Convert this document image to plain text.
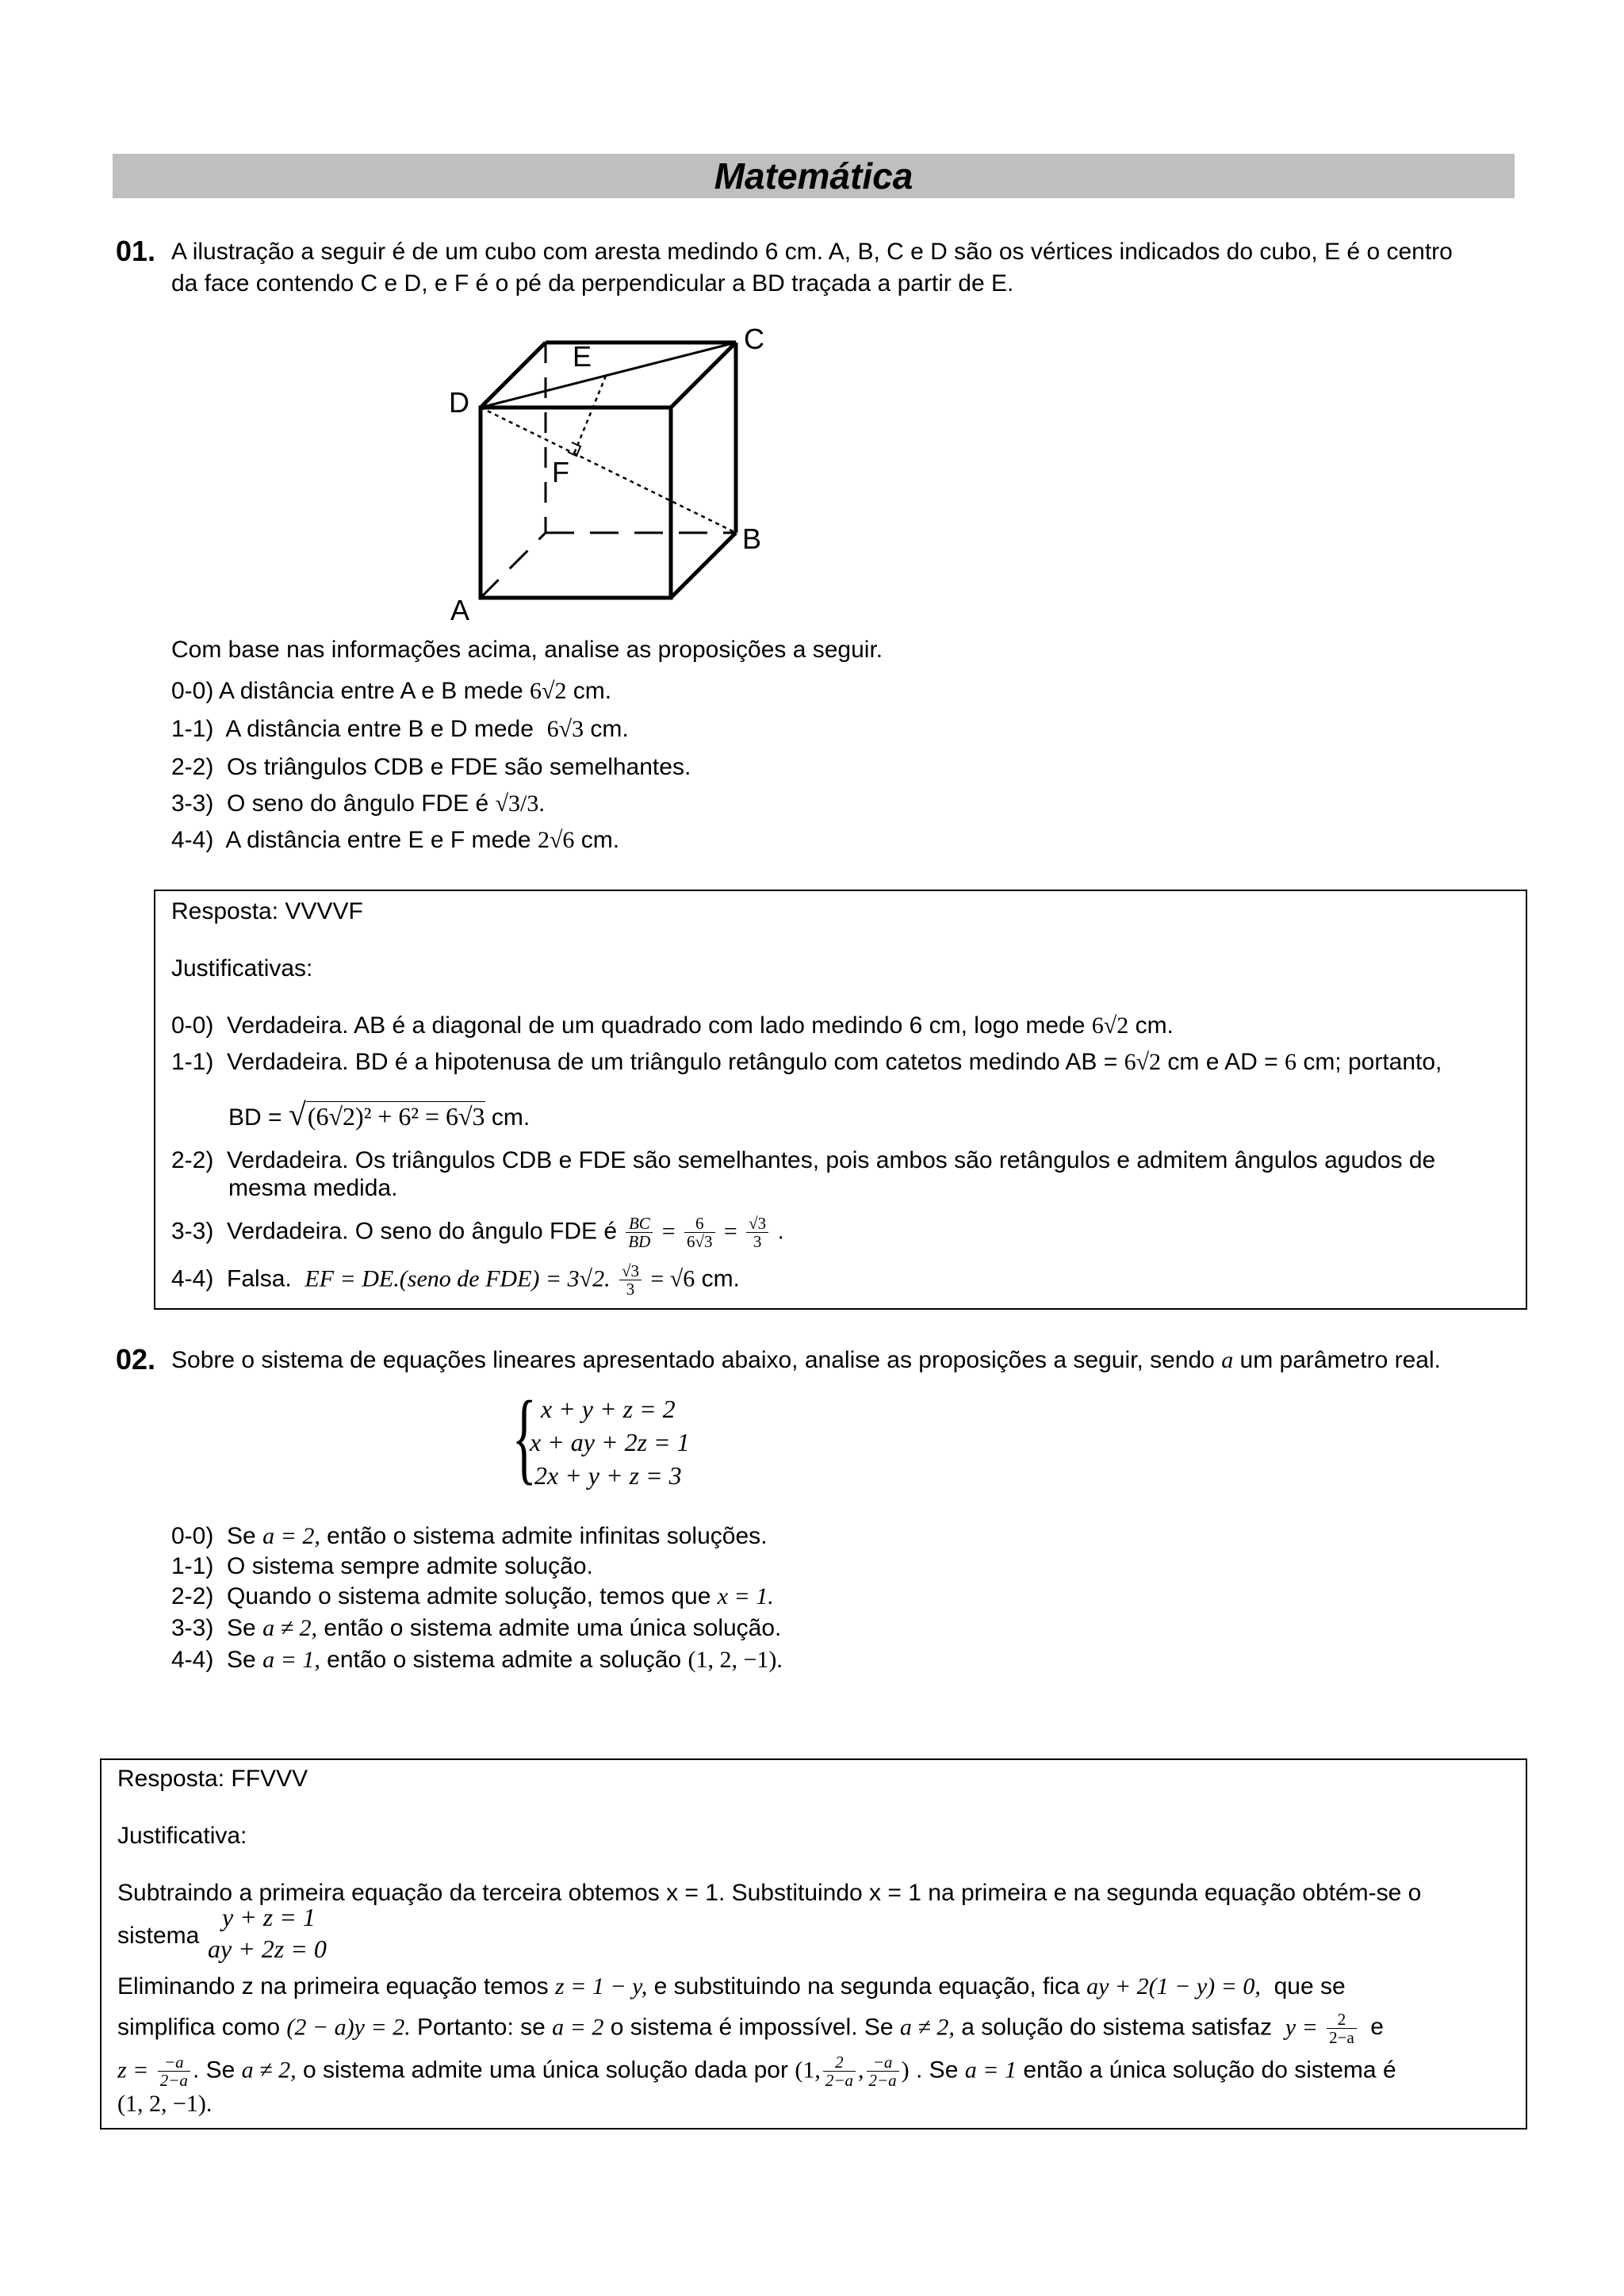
Matemática
01. A ilustração a seguir é de um cubo com aresta medindo 6 cm. A, B, C e D são os vértices indicados do cubo, E é o centro
da face contendo C e D, e F é o pé da perpendicular a BD traçada a partir de E.
D
E
C
F
B
A
Com base nas informações acima, analise as proposições a seguir.
0-0) A distância entre A e B mede 6√2 cm.
1-1) A distância entre B e D mede 6√3 cm.
2-2) Os triângulos CDB e FDE são semelhantes.
3-3) O seno do ângulo FDE é √3/3.
4-4) A distância entre E e F mede 2√6 cm.
Resposta: VVVVF
Justificativas:
0-0) Verdadeira. AB é a diagonal de um quadrado com lado medindo 6 cm, logo mede 6√2 cm.
1-1) Verdadeira. BD é a hipotenusa de um triângulo retângulo com catetos medindo AB = 6√2 cm e AD = 6 cm; portanto,
BD = √(6√2)² + 6² = 6√3 cm.
2-2) Verdadeira. Os triângulos CDB e FDE são semelhantes, pois ambos são retângulos e admitem ângulos agudos de
mesma medida.
3-3) Verdadeira. O seno do ângulo FDE é $\frac{BC}{BD} = \frac{6}{6√3} = \frac{√3}{3}$ .
4-4) Falsa. EF = DE.(seno de FDE) = 3√2. $\frac{√3}{3} = √6$ cm.
02. Sobre o sistema de equações lineares apresentado abaixo, analise as proposições a seguir, sendo a um parâmetro real.
{ x + y + z = 2
x + ay + 2z = 1
2x + y + z = 3
0-0) Se a = 2, então o sistema admite infinitas soluções.
1-1) O sistema sempre admite solução.
2-2) Quando o sistema admite solução, temos que x = 1.
3-3) Se a ≠ 2, então o sistema admite uma única solução.
4-4) Se a = 1, então o sistema admite a solução (1, 2, −1).
Resposta: FFVVV
Justificativa:
Subtraindo a primeira equação da terceira obtemos x = 1. Substituindo x = 1 na primeira e na segunda equação obtém-se o
sistema
y + z = 1
ay + 2z = 0
Eliminando z na primeira equação temos z = 1 − y, e substituindo na segunda equação, fica ay + 2(1 − y) = 0, que se
simplifica como (2 − a)y = 2. Portanto: se a = 2 o sistema é impossível. Se a ≠ 2, a solução do sistema satisfaz $y = \frac{2}{2-a}$ e
$z = \frac{-a}{2-a}$ . Se a ≠ 2, o sistema admite uma única solução dada por (1, $\frac{2}{2-a}$ , $\frac{-a}{2-a}$ ) . Se a = 1 então a única solução do sistema é
(1, 2, −1).
